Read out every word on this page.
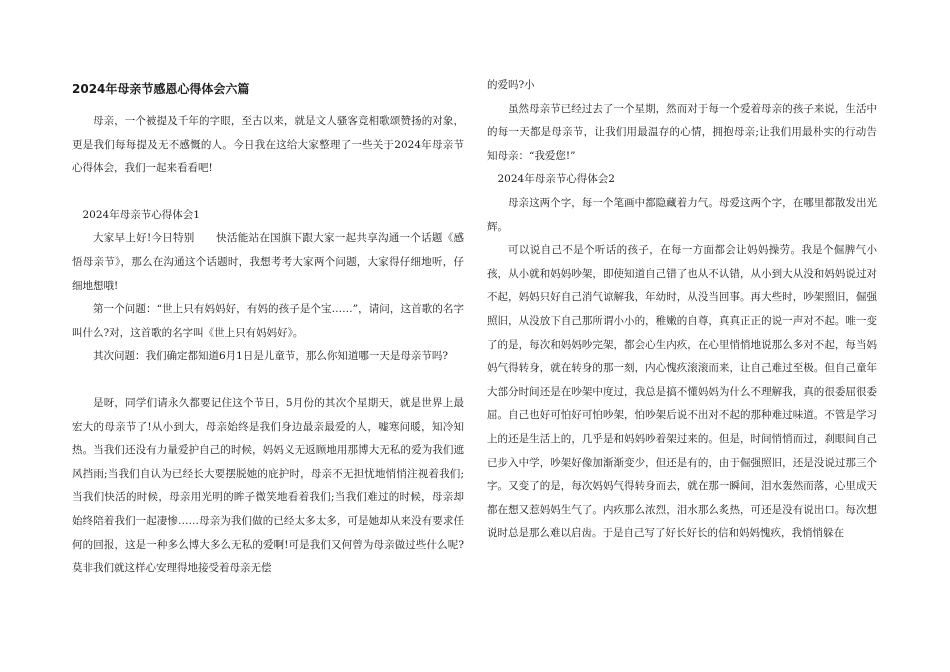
2024年母亲节感恩心得体会六篇

母亲，一个被提及千年的字眼，至古以来，就是文人骚客竞相歌颂赞扬的对象，更是我们每每提及无不感慨的人。今日我在这给大家整理了一些关于2024年母亲节心得体会，我们一起来看看吧!

2024年母亲节心得体会1

大家早上好!今日特别　　快活能站在国旗下跟大家一起共享沟通一个话题《感悟母亲节》，那么在沟通这个话题时，我想考考大家两个问题，大家得仔细地听，仔细地想哦!

第一个问题：“世上只有妈妈好，有妈的孩子是个宝……”，请问，这首歌的名字叫什么?对，这首歌的名字叫《世上只有妈妈好》。

其次问题：我们确定都知道6月1日是儿童节，那么你知道哪一天是母亲节吗?

是呀，同学们请永久都要记住这个节日，5月份的其次个星期天，就是世界上最宏大的母亲节了!从小到大，母亲始终是我们身边最亲最爱的人，嘘寒问暖，知冷知热。当我们还没有力量爱护自己的时候，妈妈义无返顾地用那博大无私的爱为我们遮风挡雨;当我们自认为已经长大要摆脱她的庇护时，母亲不无担忧地悄悄注视着我们;当我们快活的时候，母亲用光明的眸子微笑地看着我们;当我们难过的时候，母亲却始终陪着我们一起凄惨……母亲为我们做的已经太多太多，可是她却从来没有要求任何的回报，这是一种多么博大多么无私的爱啊!可是我们又何曾为母亲做过些什么呢?莫非我们就这样心安理得地接受着母亲无偿

的爱吗?小

虽然母亲节已经过去了一个星期，然而对于每一个爱着母亲的孩子来说，生活中的每一天都是母亲节，让我们用最温存的心情，拥抱母亲;让我们用最朴实的行动告知母亲：“我爱您!”

2024年母亲节心得体会2

母亲这两个字，每一个笔画中都隐藏着力气。母爱这两个字，在哪里都散发出光辉。

可以说自己不是个听话的孩子，在每一方面都会让妈妈操劳。我是个倔脾气小孩，从小就和妈妈吵架，即使知道自己错了也从不认错，从小到大从没和妈妈说过对不起，妈妈只好自己消气谅解我，年幼时，从没当回事。再大些时，吵架照旧，倔强照旧，从没放下自己那所谓小小的，稚嫩的自尊，真真正正的说一声对不起。唯一变了的是，每次和妈妈吵完架，都会心生内疚，在心里悄悄地说那么多对不起，每当妈妈气得转身，就在转身的那一刻，内心愧疚滚滚而来，让自己难过至极。但自己童年大部分时间还是在吵架中度过，我总是搞不懂妈妈为什么不理解我，真的很委屈很委屈。自己也好可怕好可怕吵架，怕吵架后说不出对不起的那种难过味道。不管是学习上的还是生活上的，几乎是和妈妈吵着架过来的。但是，时间悄悄而过，刹眼间自己已步入中学，吵架好像加渐渐变少，但还是有的，由于倔强照旧，还是没说过那三个字。又变了的是，每次妈妈气得转身而去，就在那一瞬间，泪水轰然而落，心里成天都在想又惹妈妈生气了。内疚那么浓烈，泪水那么炙热，可还是没有说出口。每次想说时总是那么难以启齿。于是自己写了好长好长的信和妈妈愧疚，我悄悄躲在
